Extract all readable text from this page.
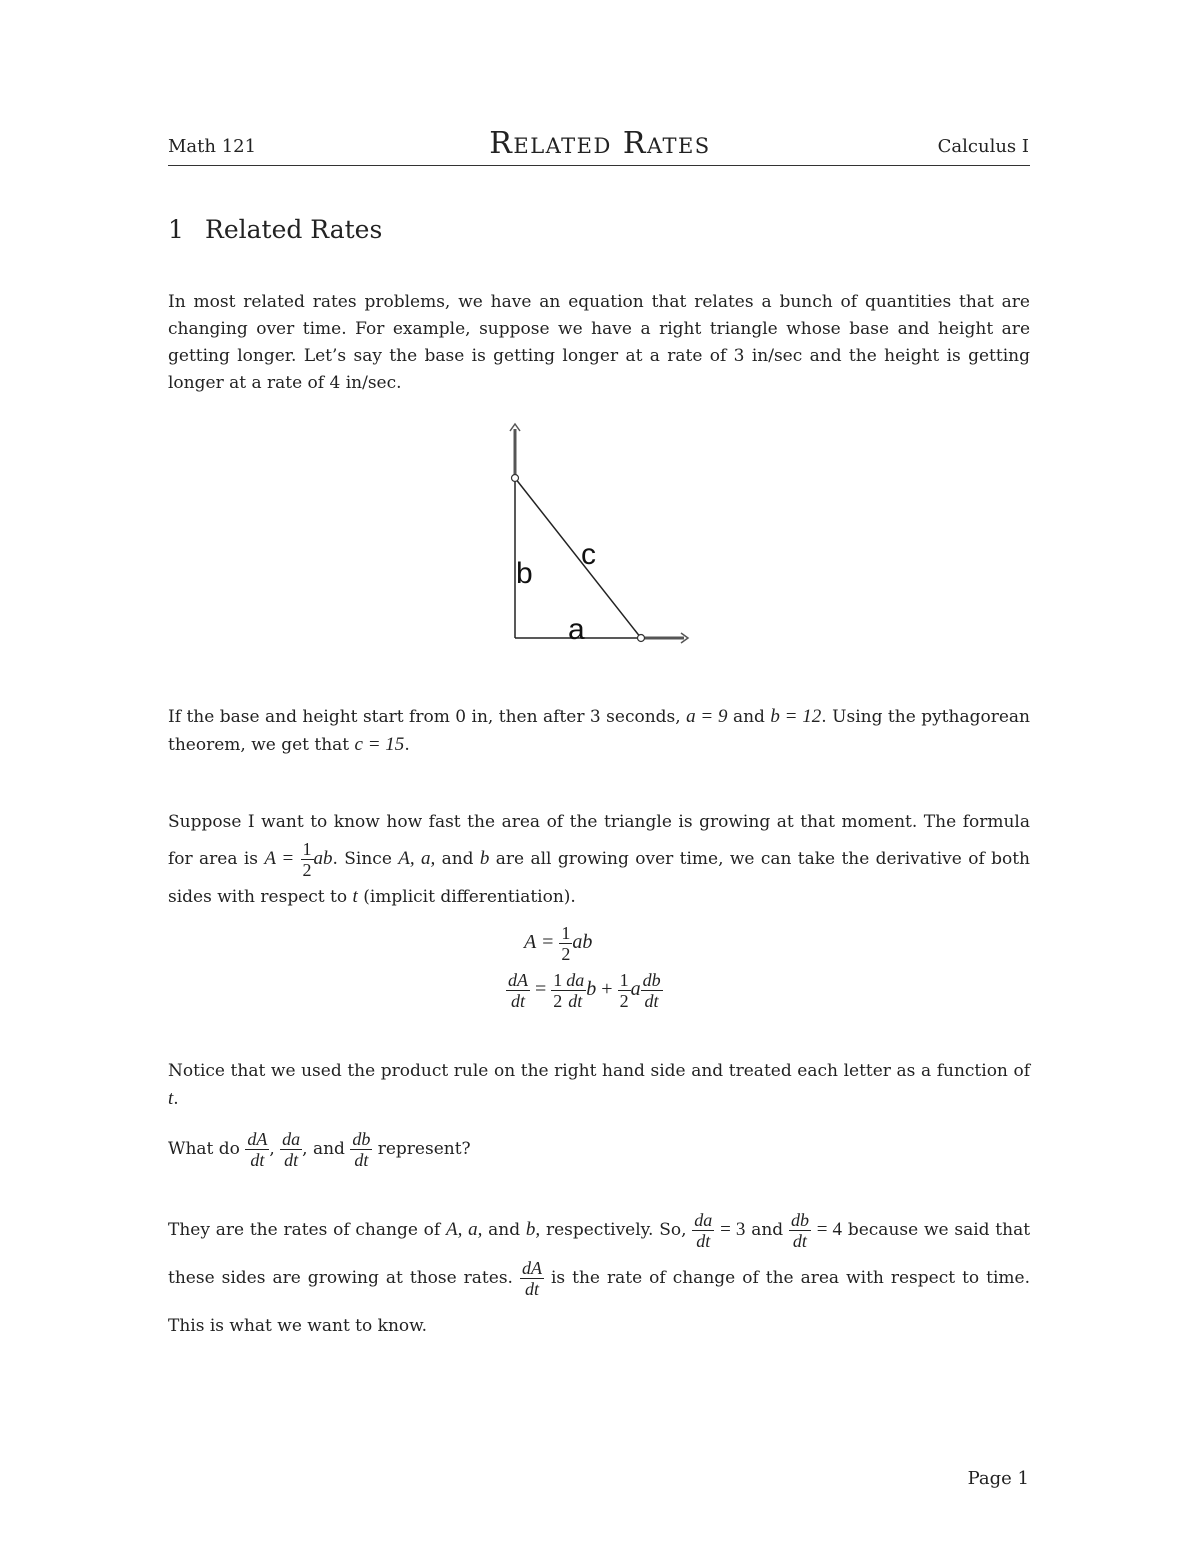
Math 121	Related Rates	Calculus I
1 Related Rates
In most related rates problems, we have an equation that relates a bunch of quantities that are changing over time. For example, suppose we have a right triangle whose base and height are getting longer. Let’s say the base is getting longer at a rate of 3 in/sec and the height is getting longer at a rate of 4 in/sec.
b
c
a
If the base and height start from 0 in, then after 3 seconds, a = 9 and b = 12. Using the pythagorean theorem, we get that c = 15.
Suppose I want to know how fast the area of the triangle is growing at that moment. The formula for area is $A = \frac{1}{2}$ ab. Since A, a, and b are all growing over time, we can take the derivative of both sides with respect to t (implicit differentiation).
$A = \frac{1}{2}$ ab
$\frac{dA}{dt} = \frac{1}{2} \frac{da}{dt}$ $b + \frac{1}{2}$ a $\frac{db}{dt}$
Notice that we used the product rule on the right hand side and treated each letter as a function of t.
What do $\frac{dA}{dt}$ , $\frac{da}{dt}$ , and $\frac{db}{dt}$ represent?
They are the rates of change of A, a, and b, respectively. So, $\frac{da}{dt} = 3$ and $\frac{db}{dt} = 4$ because we said that these sides are growing at those rates. $\frac{dA}{dt}$ is the rate of change of the area with respect to time. This is what we want to know.
Page 1
